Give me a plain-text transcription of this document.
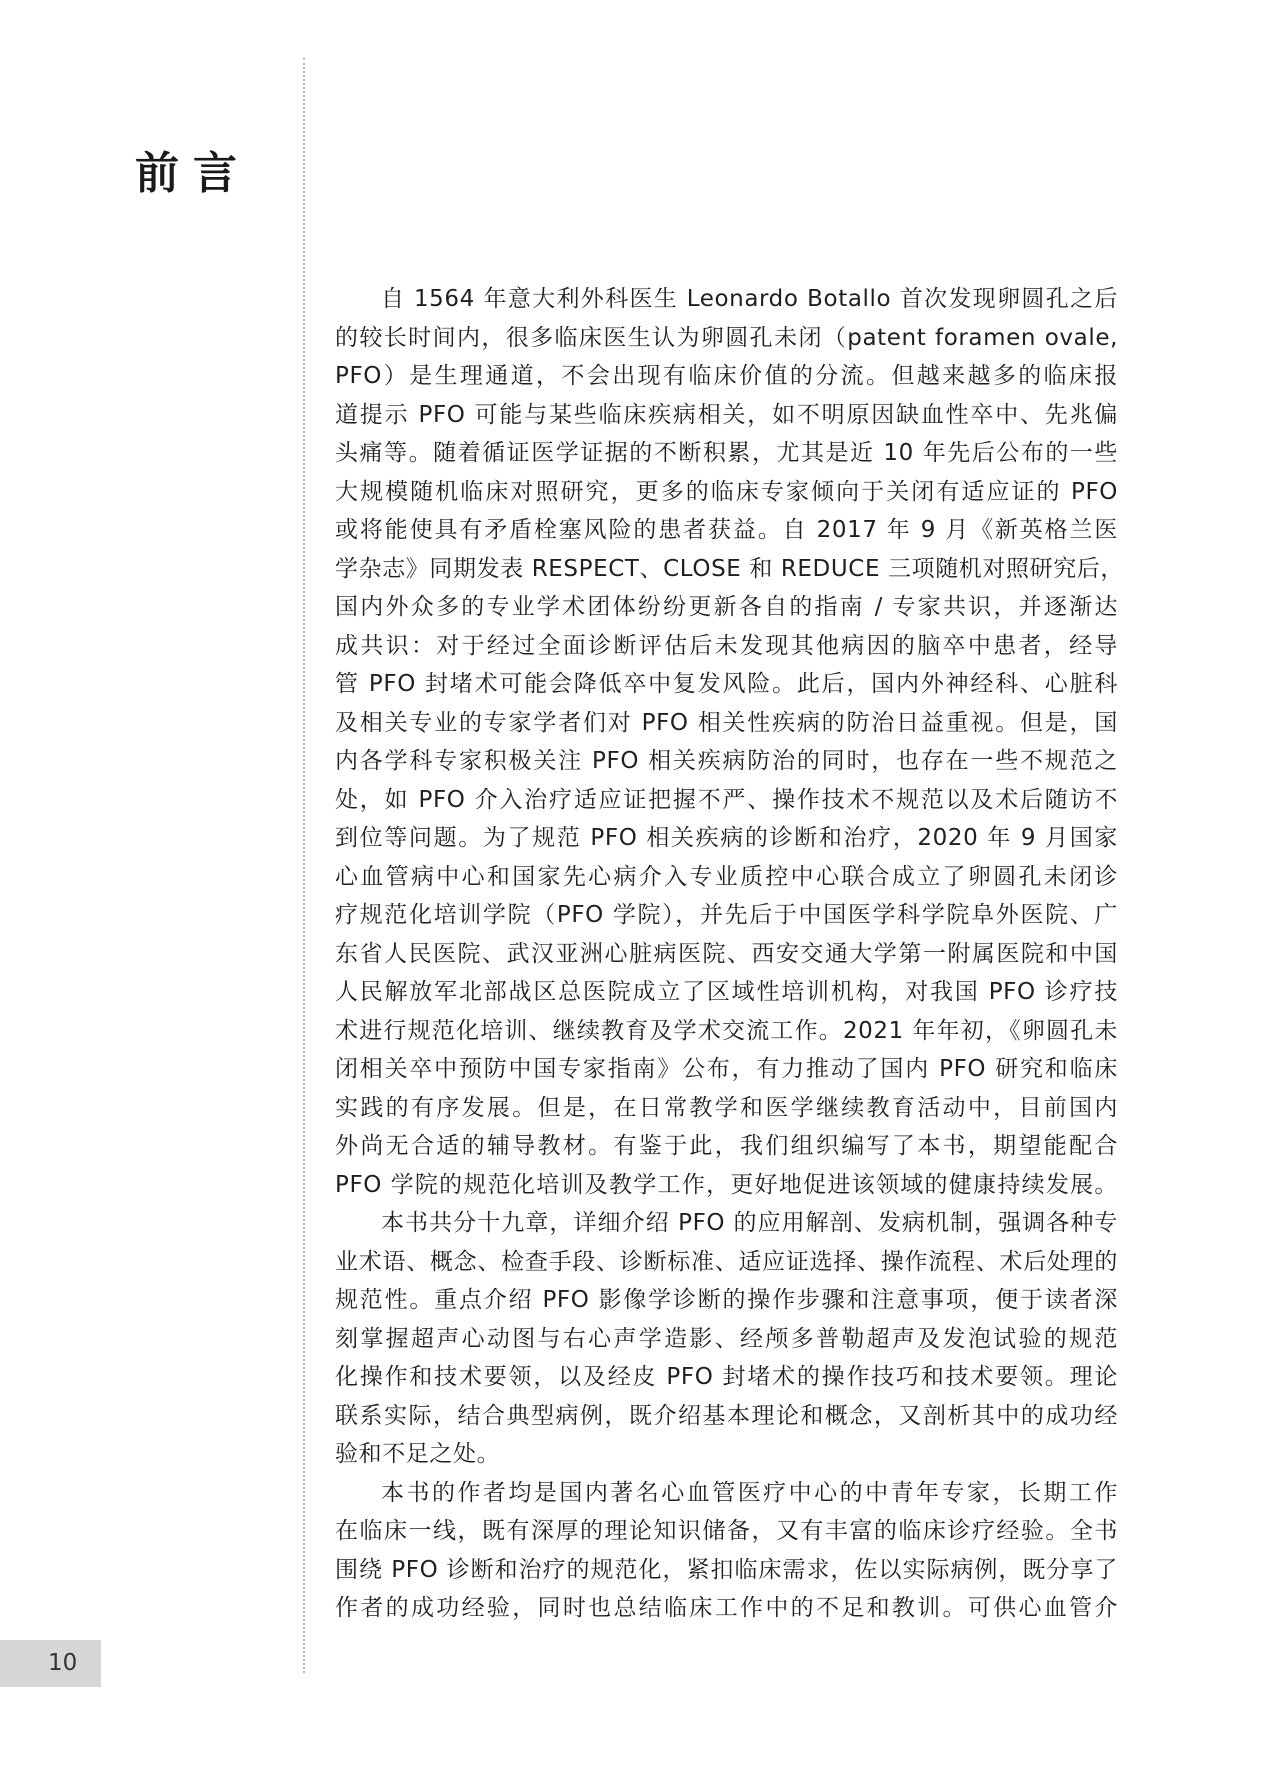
前言
自 1564 年意大利外科医生 Leonardo Botallo 首次发现卵圆孔之后
的较长时间内，很多临床医生认为卵圆孔未闭（patent foramen ovale,
PFO）是生理通道，不会出现有临床价值的分流。但越来越多的临床报
道提示 PFO 可能与某些临床疾病相关，如不明原因缺血性卒中、先兆偏
头痛等。随着循证医学证据的不断积累，尤其是近 10 年先后公布的一些
大规模随机临床对照研究，更多的临床专家倾向于关闭有适应证的 PFO
或将能使具有矛盾栓塞风险的患者获益。自 2017 年 9 月《新英格兰医
学杂志》同期发表 RESPECT、CLOSE 和 REDUCE 三项随机对照研究后，
国内外众多的专业学术团体纷纷更新各自的指南 / 专家共识，并逐渐达
成共识：对于经过全面诊断评估后未发现其他病因的脑卒中患者，经导
管 PFO 封堵术可能会降低卒中复发风险。此后，国内外神经科、心脏科
及相关专业的专家学者们对 PFO 相关性疾病的防治日益重视。但是，国
内各学科专家积极关注 PFO 相关疾病防治的同时，也存在一些不规范之
处，如 PFO 介入治疗适应证把握不严、操作技术不规范以及术后随访不
到位等问题。为了规范 PFO 相关疾病的诊断和治疗，2020 年 9 月国家
心血管病中心和国家先心病介入专业质控中心联合成立了卵圆孔未闭诊
疗规范化培训学院（PFO 学院），并先后于中国医学科学院阜外医院、广
东省人民医院、武汉亚洲心脏病医院、西安交通大学第一附属医院和中国
人民解放军北部战区总医院成立了区域性培训机构，对我国 PFO 诊疗技
术进行规范化培训、继续教育及学术交流工作。2021 年年初，《卵圆孔未
闭相关卒中预防中国专家指南》公布，有力推动了国内 PFO 研究和临床
实践的有序发展。但是，在日常教学和医学继续教育活动中，目前国内
外尚无合适的辅导教材。有鉴于此，我们组织编写了本书，期望能配合
PFO 学院的规范化培训及教学工作，更好地促进该领域的健康持续发展。
本书共分十九章，详细介绍 PFO 的应用解剖、发病机制，强调各种专
业术语、概念、检查手段、诊断标准、适应证选择、操作流程、术后处理的
规范性。重点介绍 PFO 影像学诊断的操作步骤和注意事项，便于读者深
刻掌握超声心动图与右心声学造影、经颅多普勒超声及发泡试验的规范
化操作和技术要领，以及经皮 PFO 封堵术的操作技巧和技术要领。理论
联系实际，结合典型病例，既介绍基本理论和概念，又剖析其中的成功经
验和不足之处。
本书的作者均是国内著名心血管医疗中心的中青年专家，长期工作
在临床一线，既有深厚的理论知识储备，又有丰富的临床诊疗经验。全书
围绕 PFO 诊断和治疗的规范化，紧扣临床需求，佐以实际病例，既分享了
作者的成功经验，同时也总结临床工作中的不足和教训。可供心血管介
10
